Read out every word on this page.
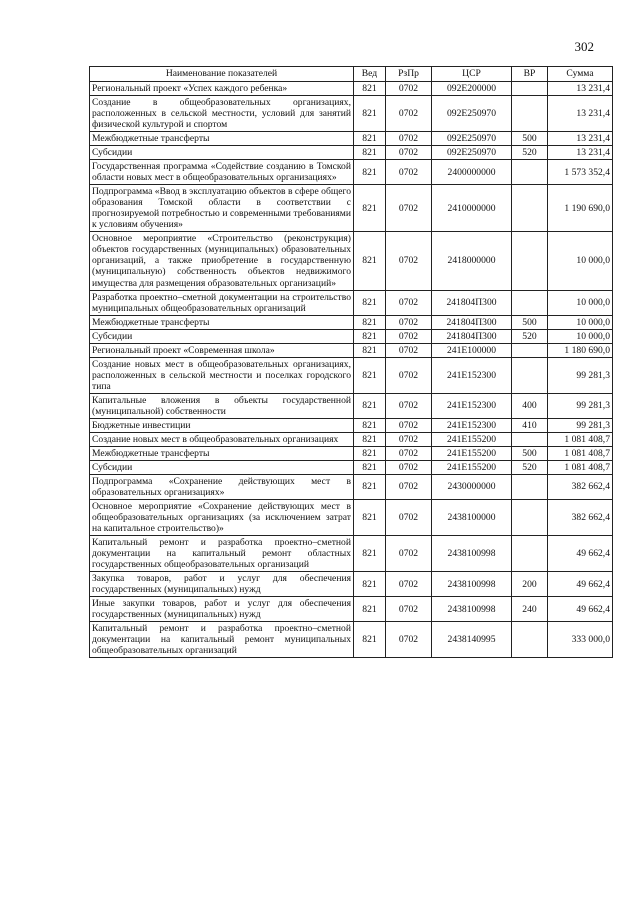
302
Наименование показателей	Вед	РзПр	ЦСР	ВР	Сумма
Региональный проект «Успех каждого ребенка»	821	0702	092E200000		13 231,4
Создание в общеобразовательных организациях, расположенных в сельской местности, условий для занятий физической культурой и спортом	821	0702	092E250970		13 231,4
Межбюджетные трансферты	821	0702	092E250970	500	13 231,4
Субсидии	821	0702	092E250970	520	13 231,4
Государственная программа «Содействие созданию в Томской области новых мест в общеобразовательных организациях»	821	0702	2400000000		1 573 352,4
Подпрограмма «Ввод в эксплуатацию объектов в сфере общего образования Томской области в соответствии с прогнозируемой потребностью и современными требованиями к условиям обучения»	821	0702	2410000000		1 190 690,0
Основное мероприятие «Строительство (реконструкция) объектов государственных (муниципальных) образовательных организаций, а также приобретение в государственную (муниципальную) собственность объектов недвижимого имущества для размещения образовательных организаций»	821	0702	2418000000		10 000,0
Разработка проектно–сметной документации на строительство муниципальных общеобразовательных организаций	821	0702	241804П300		10 000,0
Межбюджетные трансферты	821	0702	241804П300	500	10 000,0
Субсидии	821	0702	241804П300	520	10 000,0
Региональный проект «Современная школа»	821	0702	241E100000		1 180 690,0
Создание новых мест в общеобразовательных организациях, расположенных в сельской местности и поселках городского типа	821	0702	241E152300		99 281,3
Капитальные вложения в объекты государственной (муниципальной) собственности	821	0702	241E152300	400	99 281,3
Бюджетные инвестиции	821	0702	241E152300	410	99 281,3
Создание новых мест в общеобразовательных организациях	821	0702	241E155200		1 081 408,7
Межбюджетные трансферты	821	0702	241E155200	500	1 081 408,7
Субсидии	821	0702	241E155200	520	1 081 408,7
Подпрограмма «Сохранение действующих мест в образовательных организациях»	821	0702	2430000000		382 662,4
Основное мероприятие «Сохранение действующих мест в общеобразовательных организациях (за исключением затрат на капитальное строительство)»	821	0702	2438100000		382 662,4
Капитальный ремонт и разработка проектно–сметной документации на капитальный ремонт областных государственных общеобразовательных организаций	821	0702	2438100998		49 662,4
Закупка товаров, работ и услуг для обеспечения государственных (муниципальных) нужд	821	0702	2438100998	200	49 662,4
Иные закупки товаров, работ и услуг для обеспечения государственных (муниципальных) нужд	821	0702	2438100998	240	49 662,4
Капитальный ремонт и разработка проектно–сметной документации на капитальный ремонт муниципальных общеобразовательных организаций	821	0702	2438140995		333 000,0
